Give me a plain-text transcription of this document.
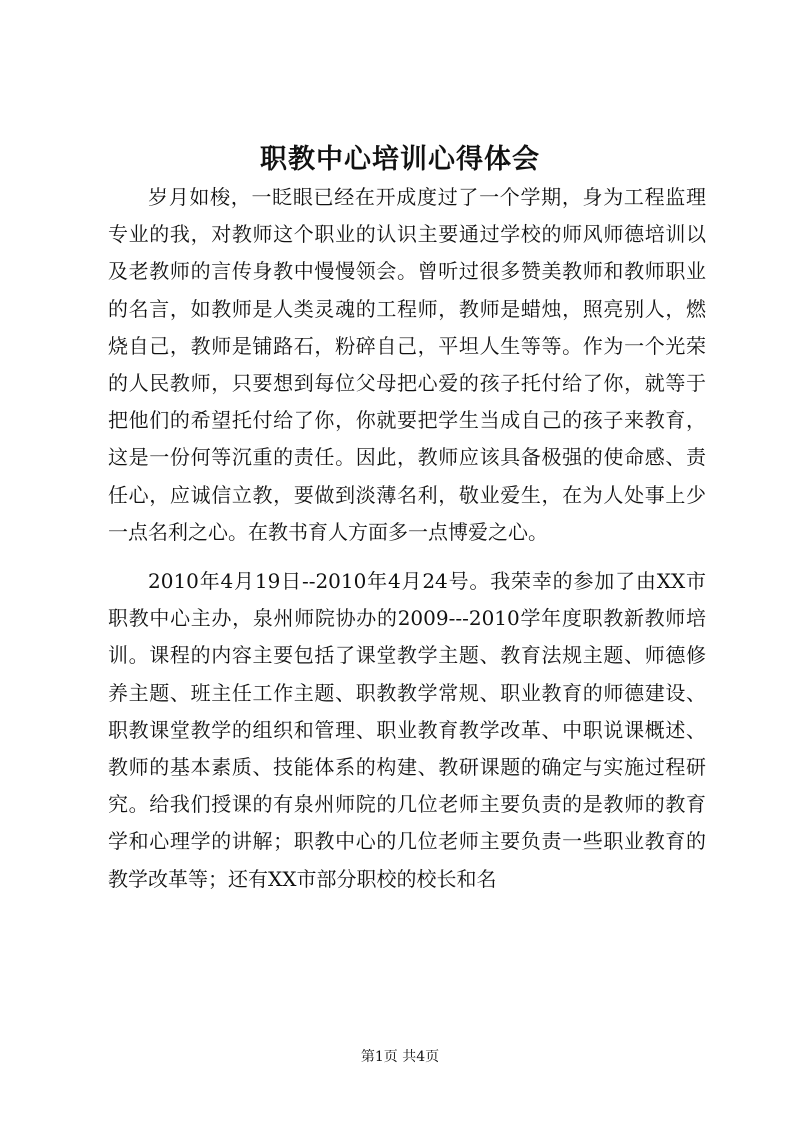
职教中心培训心得体会

岁月如梭，一眨眼已经在开成度过了一个学期，身为工程监理专业的我，对教师这个职业的认识主要通过学校的师风师德培训以及老教师的言传身教中慢慢领会。曾听过很多赞美教师和教师职业的名言，如教师是人类灵魂的工程师，教师是蜡烛，照亮别人，燃烧自己，教师是铺路石，粉碎自己，平坦人生等等。作为一个光荣的人民教师，只要想到每位父母把心爱的孩子托付给了你，就等于把他们的希望托付给了你，你就要把学生当成自己的孩子来教育，这是一份何等沉重的责任。因此，教师应该具备极强的使命感、责任心，应诚信立教，要做到淡薄名利，敬业爱生，在为人处事上少一点名利之心。在教书育人方面多一点博爱之心。

2010年4月19日--2010年4月24号。我荣幸的参加了由XX市职教中心主办，泉州师院协办的2009---2010学年度职教新教师培训。课程的内容主要包括了课堂教学主题、教育法规主题、师德修养主题、班主任工作主题、职教教学常规、职业教育的师德建设、职教课堂教学的组织和管理、职业教育教学改革、中职说课概述、教师的基本素质、技能体系的构建、教研课题的确定与实施过程研究。给我们授课的有泉州师院的几位老师主要负责的是教师的教育学和心理学的讲解；职教中心的几位老师主要负责一些职业教育的教学改革等；还有XX市部分职校的校长和名

第1页 共4页
